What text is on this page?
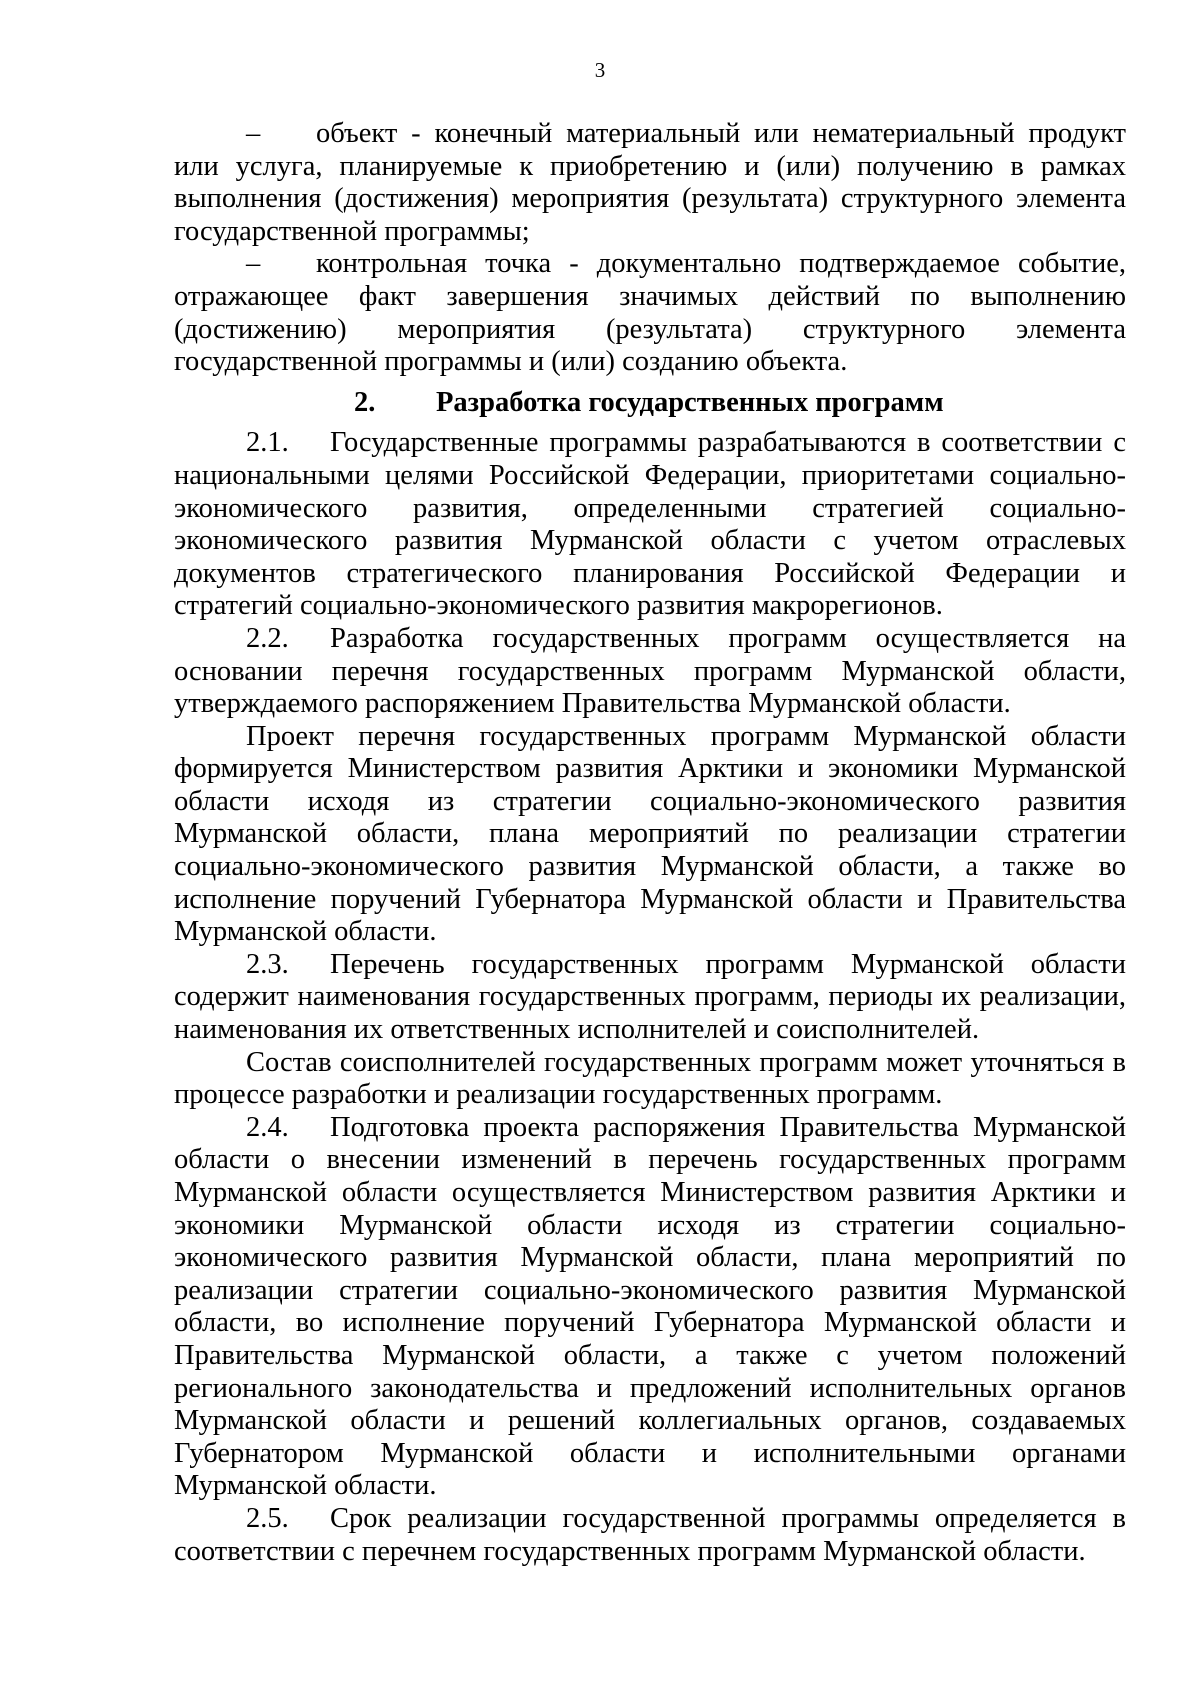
3

– объект - конечный материальный или нематериальный продукт или услуга, планируемые к приобретению и (или) получению в рамках выполнения (достижения) мероприятия (результата) структурного элемента государственной программы;

– контрольная точка - документально подтверждаемое событие, отражающее факт завершения значимых действий по выполнению (достижению) мероприятия (результата) структурного элемента государственной программы и (или) созданию объекта.

2. Разработка государственных программ

2.1. Государственные программы разрабатываются в соответствии с национальными целями Российской Федерации, приоритетами социально-экономического развития, определенными стратегией социально-экономического развития Мурманской области с учетом отраслевых документов стратегического планирования Российской Федерации и стратегий социально-экономического развития макрорегионов.

2.2. Разработка государственных программ осуществляется на основании перечня государственных программ Мурманской области, утверждаемого распоряжением Правительства Мурманской области.

Проект перечня государственных программ Мурманской области формируется Министерством развития Арктики и экономики Мурманской области исходя из стратегии социально-экономического развития Мурманской области, плана мероприятий по реализации стратегии социально-экономического развития Мурманской области, а также во исполнение поручений Губернатора Мурманской области и Правительства Мурманской области.

2.3. Перечень государственных программ Мурманской области содержит наименования государственных программ, периоды их реализации, наименования их ответственных исполнителей и соисполнителей.

Состав соисполнителей государственных программ может уточняться в процессе разработки и реализации государственных программ.

2.4. Подготовка проекта распоряжения Правительства Мурманской области о внесении изменений в перечень государственных программ Мурманской области осуществляется Министерством развития Арктики и экономики Мурманской области исходя из стратегии социально-экономического развития Мурманской области, плана мероприятий по реализации стратегии социально-экономического развития Мурманской области, во исполнение поручений Губернатора Мурманской области и Правительства Мурманской области, а также с учетом положений регионального законодательства и предложений исполнительных органов Мурманской области и решений коллегиальных органов, создаваемых Губернатором Мурманской области и исполнительными органами Мурманской области.

2.5. Срок реализации государственной программы определяется в соответствии с перечнем государственных программ Мурманской области.
